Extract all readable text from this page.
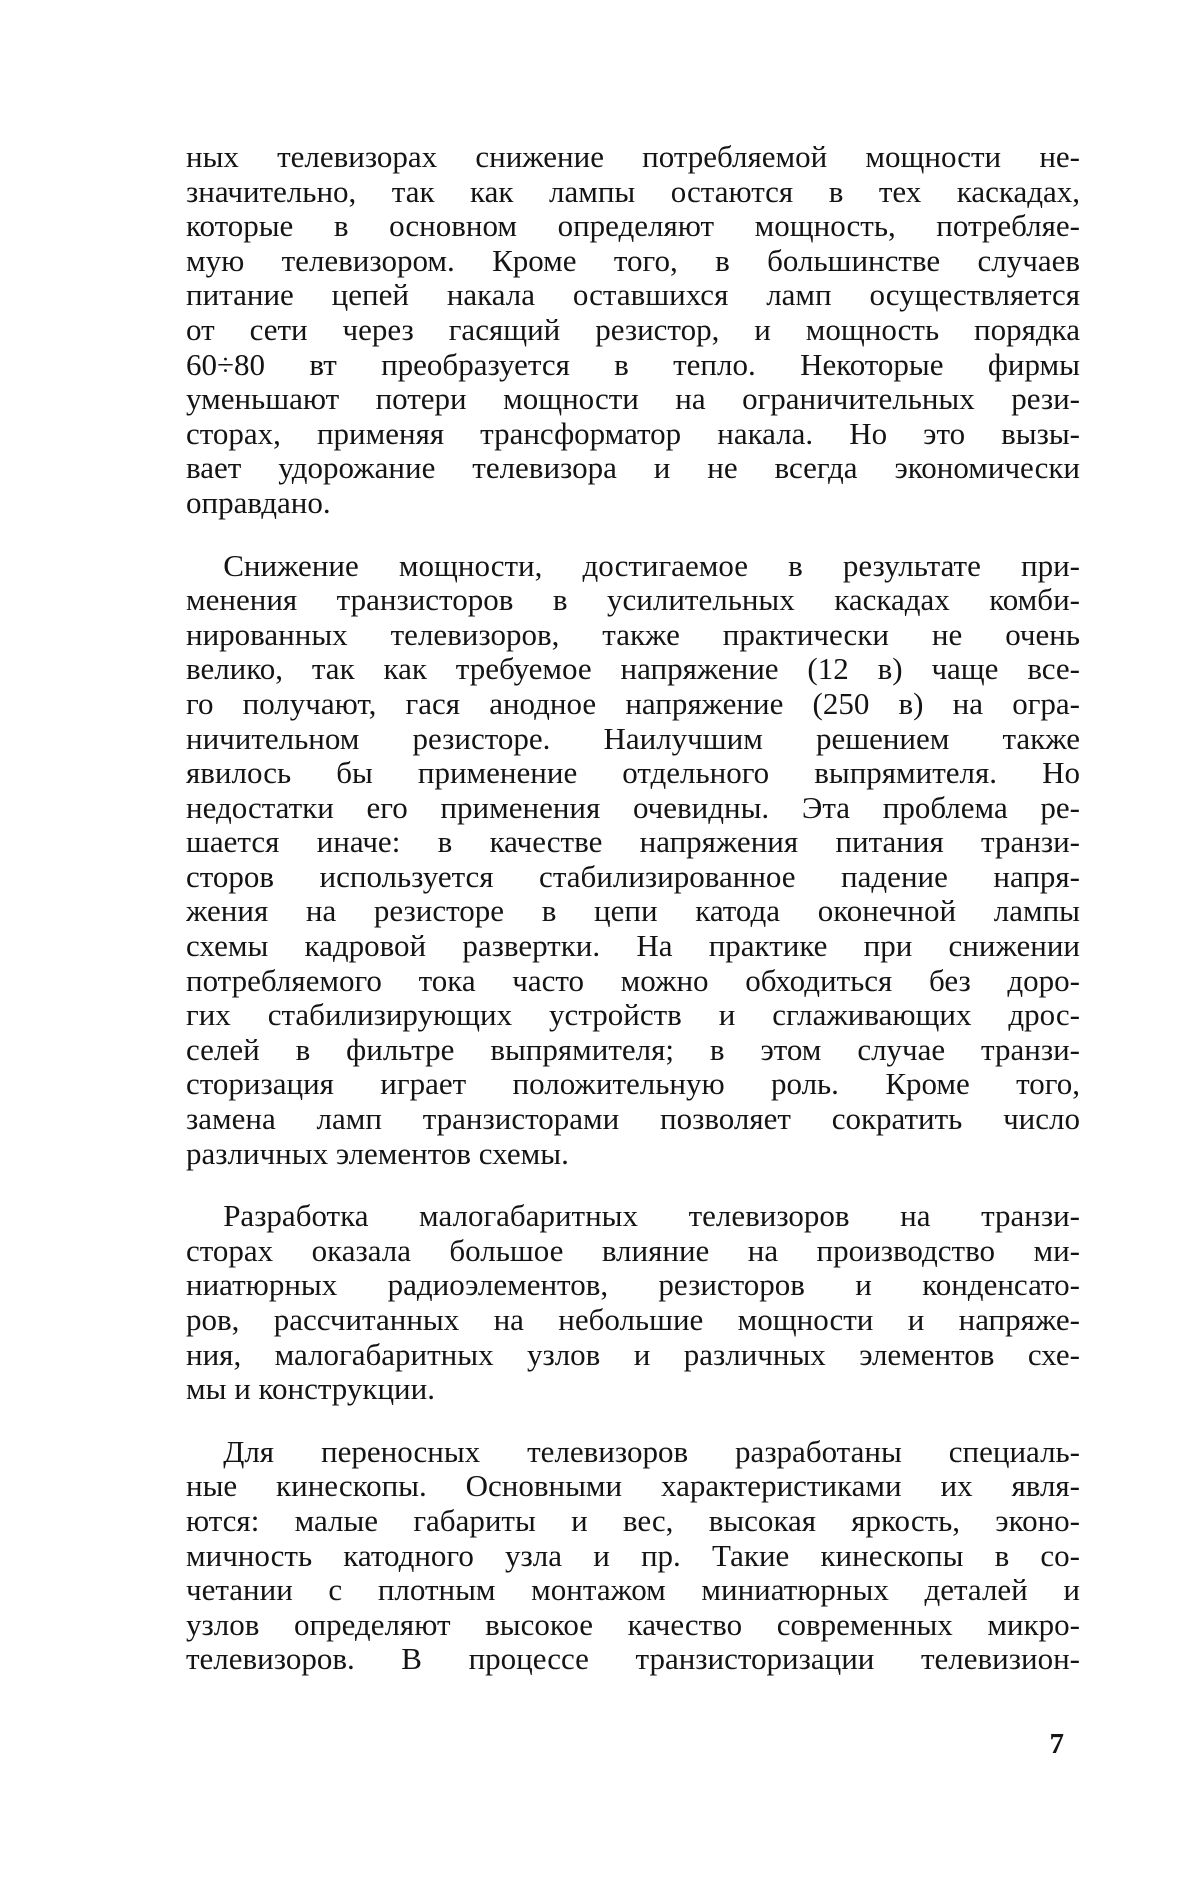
ных телевизорах снижение потребляемой мощности не-
значительно, так как лампы остаются в тех каскадах,
которые в основном определяют мощность, потребляе-
мую телевизором. Кроме того, в большинстве случаев
питание цепей накала оставшихся ламп осуществляется
от сети через гасящий резистор, и мощность порядка
60÷80 вт преобразуется в тепло. Некоторые фирмы
уменьшают потери мощности на ограничительных рези-
сторах, применяя трансформатор накала. Но это вызы-
вает удорожание телевизора и не всегда экономически
оправдано.
Снижение мощности, достигаемое в результате при-
менения транзисторов в усилительных каскадах комби-
нированных телевизоров, также практически не очень
велико, так как требуемое напряжение (12 в) чаще все-
го получают, гася анодное напряжение (250 в) на огра-
ничительном резисторе. Наилучшим решением также
явилось бы применение отдельного выпрямителя. Но
недостатки его применения очевидны. Эта проблема ре-
шается иначе: в качестве напряжения питания транзи-
сторов используется стабилизированное падение напря-
жения на резисторе в цепи катода оконечной лампы
схемы кадровой развертки. На практике при снижении
потребляемого тока часто можно обходиться без доро-
гих стабилизирующих устройств и сглаживающих дрос-
селей в фильтре выпрямителя; в этом случае транзи-
сторизация играет положительную роль. Кроме того,
замена ламп транзисторами позволяет сократить число
различных элементов схемы.
Разработка малогабаритных телевизоров на транзи-
сторах оказала большое влияние на производство ми-
ниатюрных радиоэлементов, резисторов и конденсато-
ров, рассчитанных на небольшие мощности и напряже-
ния, малогабаритных узлов и различных элементов схе-
мы и конструкции.
Для переносных телевизоров разработаны специаль-
ные кинескопы. Основными характеристиками их явля-
ются: малые габариты и вес, высокая яркость, эконо-
мичность катодного узла и пр. Такие кинескопы в со-
четании с плотным монтажом миниатюрных деталей и
узлов определяют высокое качество современных микро-
телевизоров. В процессе транзисторизации телевизион-
7
